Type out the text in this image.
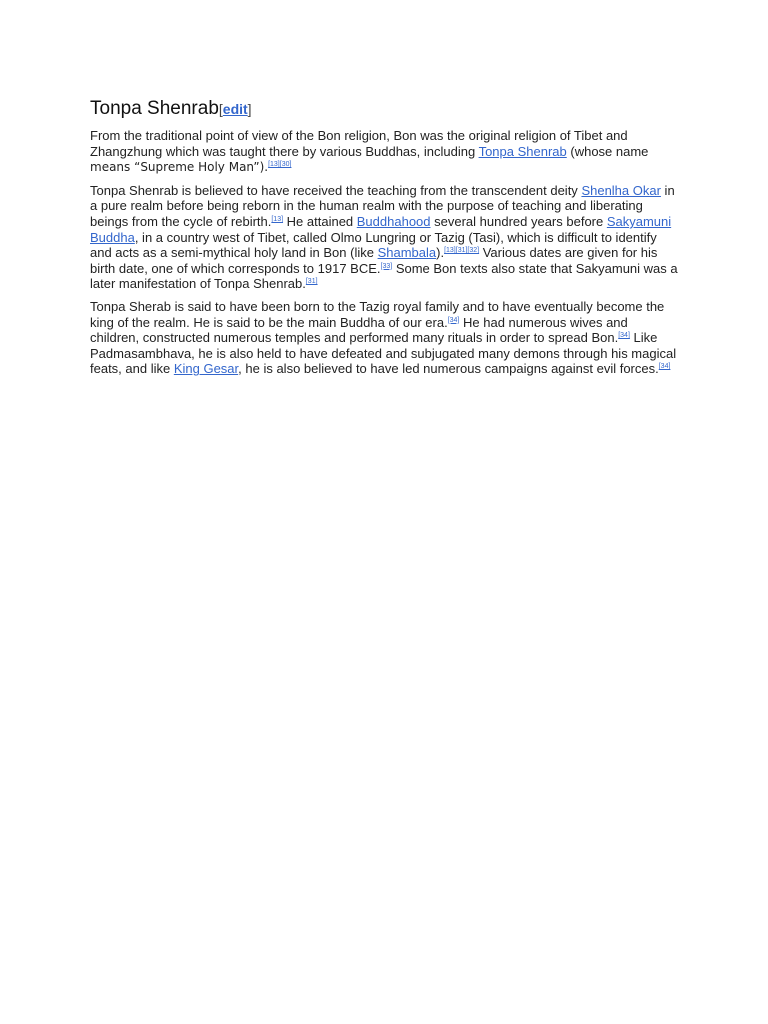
Tonpa Shenrab[edit]

From the traditional point of view of the Bon religion, Bon was the original religion of Tibet and Zhangzhung which was taught there by various Buddhas, including Tonpa Shenrab (whose name means “Supreme Holy Man”).[13][30]

Tonpa Shenrab is believed to have received the teaching from the transcendent deity Shenlha Okar in a pure realm before being reborn in the human realm with the purpose of teaching and liberating beings from the cycle of rebirth.[13] He attained Buddhahood several hundred years before Sakyamuni Buddha, in a country west of Tibet, called Olmo Lungring or Tazig (Tasi), which is difficult to identify and acts as a semi-mythical holy land in Bon (like Shambala).[13][31][32] Various dates are given for his birth date, one of which corresponds to 1917 BCE.[33] Some Bon texts also state that Sakyamuni was a later manifestation of Tonpa Shenrab.[31]

Tonpa Sherab is said to have been born to the Tazig royal family and to have eventually become the king of the realm. He is said to be the main Buddha of our era.[34] He had numerous wives and children, constructed numerous temples and performed many rituals in order to spread Bon.[34] Like Padmasambhava, he is also held to have defeated and subjugated many demons through his magical feats, and like King Gesar, he is also believed to have led numerous campaigns against evil forces.[34]
